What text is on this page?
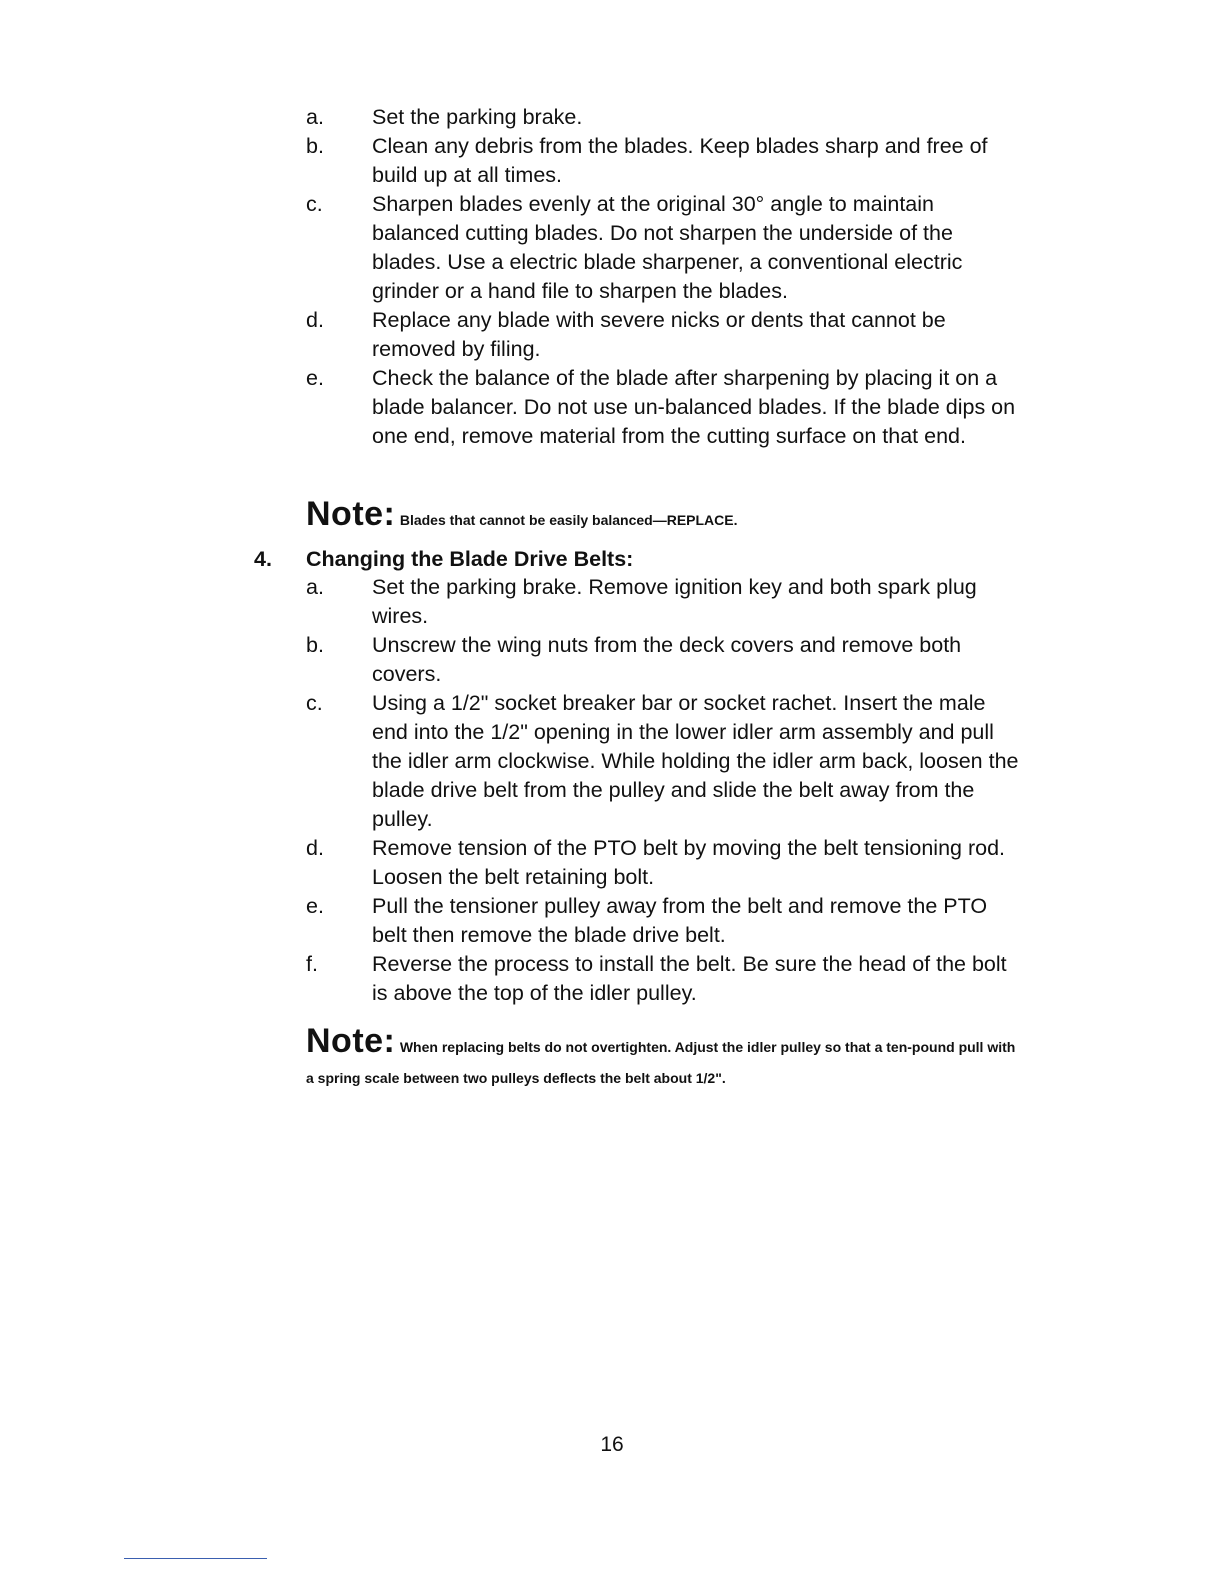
a. Set the parking brake.
b. Clean any debris from the blades. Keep blades sharp and free of build up at all times.
c. Sharpen blades evenly at the original 30° angle to maintain balanced cutting blades. Do not sharpen the underside of the blades. Use a electric blade sharpener, a conventional electric grinder or a hand file to sharpen the blades.
d. Replace any blade with severe nicks or dents that cannot be removed by filing.
e. Check the balance of the blade after sharpening by placing it on a blade balancer. Do not use un-balanced blades. If the blade dips on one end, remove material from the cutting surface on that end.
Note: Blades that cannot be easily balanced—REPLACE.
4. Changing the Blade Drive Belts:
a. Set the parking brake. Remove ignition key and both spark plug wires.
b. Unscrew the wing nuts from the deck covers and remove both covers.
c. Using a 1/2" socket breaker bar or socket rachet. Insert the male end into the 1/2" opening in the lower idler arm assembly and pull the idler arm clockwise. While holding the idler arm back, loosen the blade drive belt from the pulley and slide the belt away from the pulley.
d. Remove tension of the PTO belt by moving the belt tensioning rod. Loosen the belt retaining bolt.
e. Pull the tensioner pulley away from the belt and remove the PTO belt then remove the blade drive belt.
f.	Reverse the process to install the belt. Be sure the head of the bolt is above the top of the idler pulley.
Note: When replacing belts do not overtighten. Adjust the idler pulley so that a ten-pound pull with a spring scale between two pulleys deflects the belt about 1/2".
16
